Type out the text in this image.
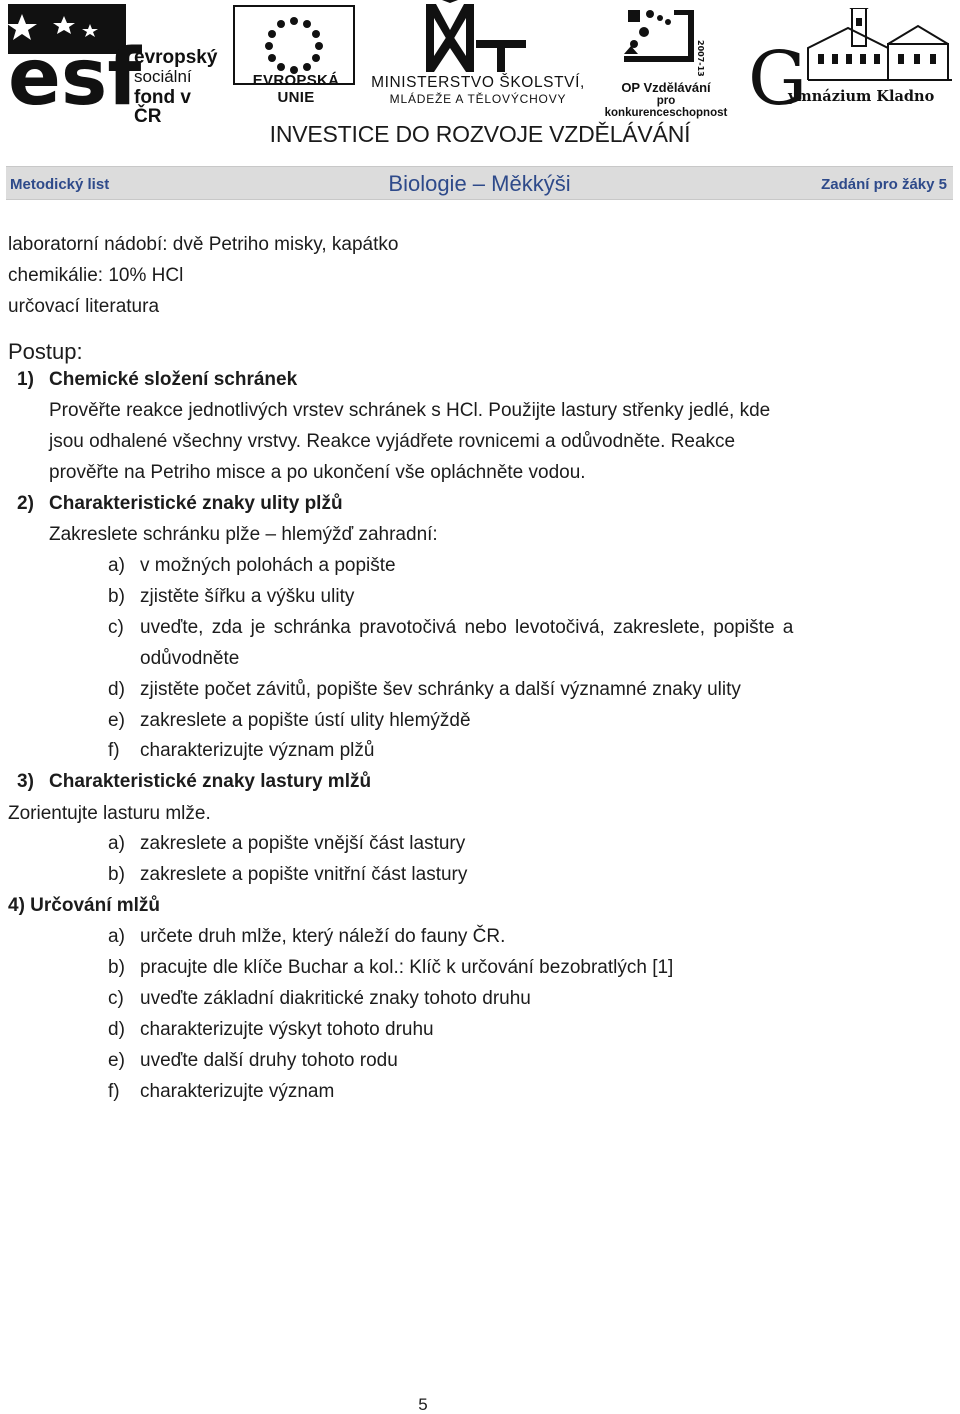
esf
evropský
sociální
fond v ČR
EVROPSKÁ UNIE
MINISTERSTVO ŠKOLSTVÍ,
MLÁDEŽE A TĚLOVÝCHOVY
2007-13
OP Vzdělávání
pro konkurenceschopnost G
ymnázium Kladno
INVESTICE DO ROZVOJE VZDĚLÁVÁNÍ
Metodický list	Biologie – Měkkýši	Zadání pro žáky 5
laboratorní nádobí: dvě Petriho misky, kapátko
chemikálie: 10% HCl
určovací literatura
Postup:
1) Chemické složení schránek
Prověřte reakce jednotlivých vrstev schránek s HCl. Použijte lastury střenky jedlé, kde
jsou odhalené všechny vrstvy. Reakce vyjádřete rovnicemi a odůvodněte. Reakce
prověřte na Petriho misce a po ukončení vše opláchněte vodou.
2) Charakteristické znaky ulity plžů
Zakreslete schránku plže – hlemýžď zahradní:
a) v možných polohách a popište
b) zjistěte šířku a výšku ulity
c) uveďte, zda je schránka pravotočivá nebo levotočivá, zakreslete, popište a
odůvodněte
d) zjistěte počet závitů, popište šev schránky a další významné znaky ulity
e) zakreslete a popište ústí ulity hlemýždě
f) charakterizujte význam plžů
3) Charakteristické znaky lastury mlžů
Zorientujte lasturu mlže.
a) zakreslete a popište vnější část lastury
b) zakreslete a popište vnitřní část lastury
4) Určování mlžů
a) určete druh mlže, který náleží do fauny ČR.
b) pracujte dle klíče Buchar a kol.: Klíč k určování bezobratlých [1]
c) uveďte základní diakritické znaky tohoto druhu
d) charakterizujte výskyt tohoto druhu
e) uveďte další druhy tohoto rodu
f) charakterizujte význam
5
